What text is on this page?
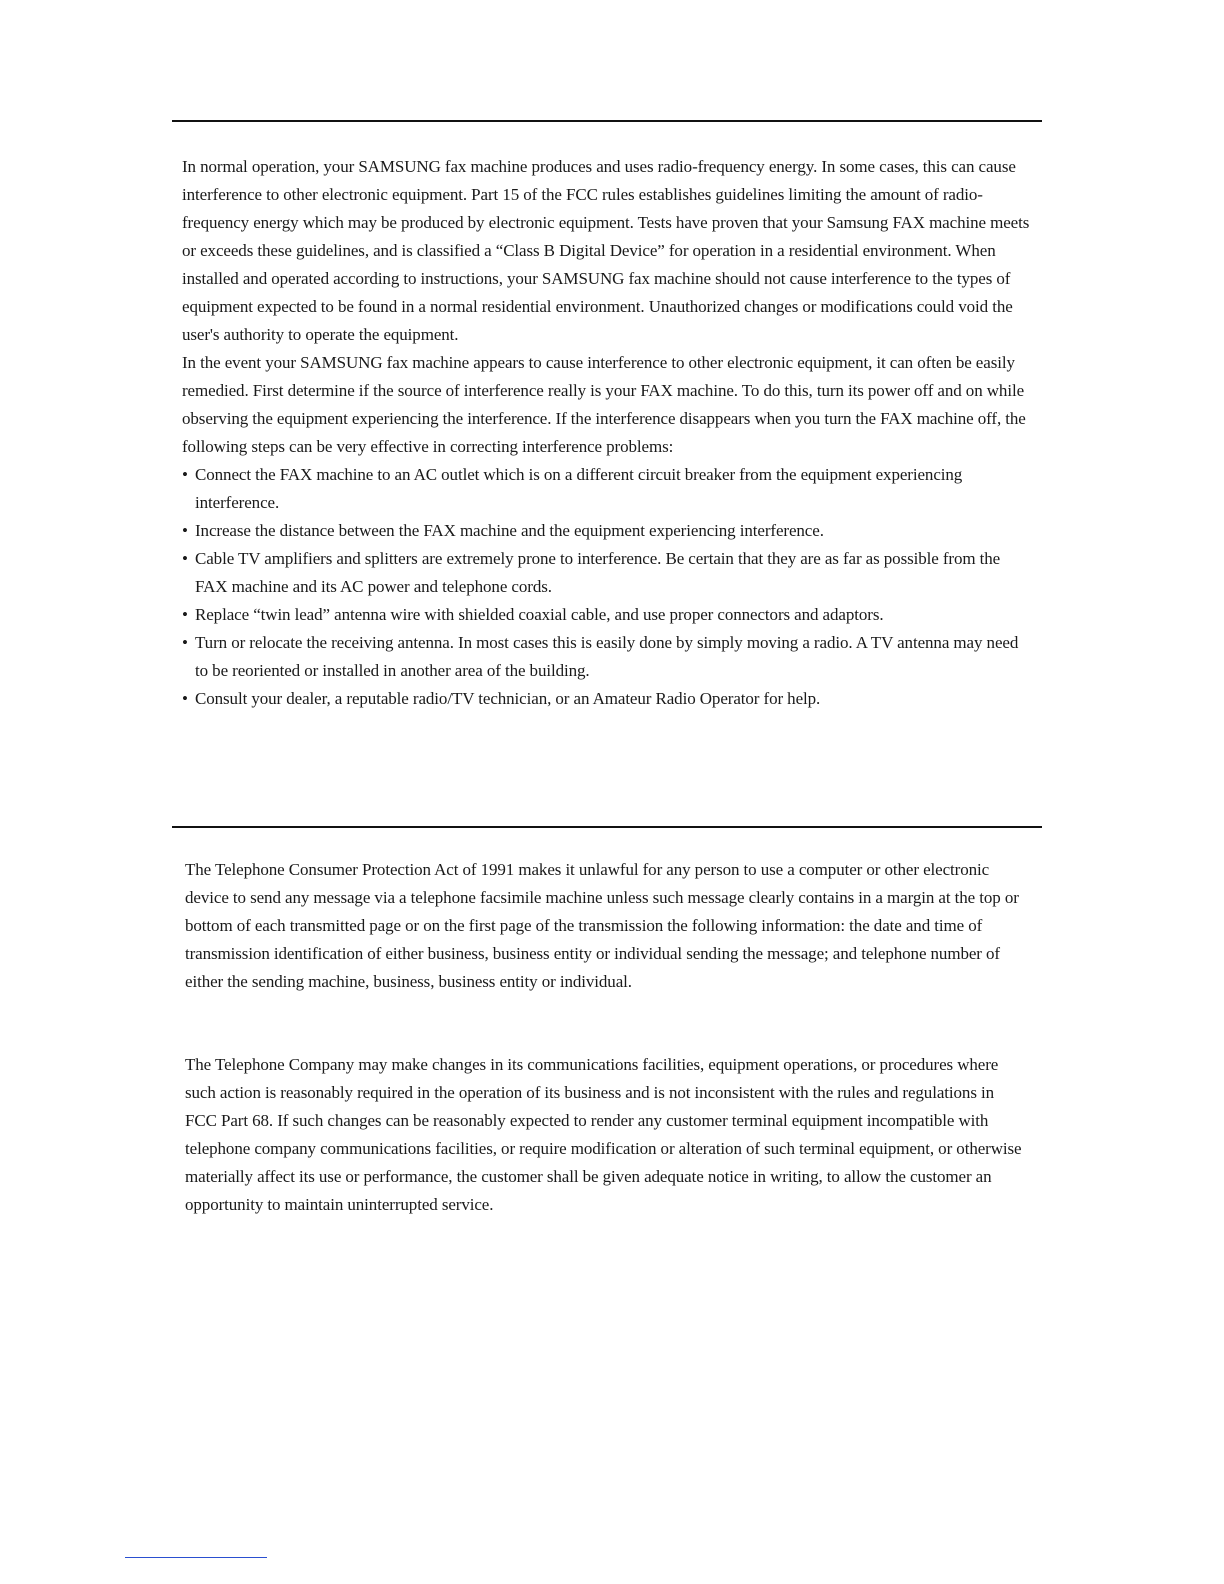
In normal operation, your SAMSUNG fax machine produces and uses radio-frequency energy. In some cases, this can cause interference to other electronic equipment. Part 15 of the FCC rules establishes guidelines limiting the amount of radio-frequency energy which may be produced by electronic equipment. Tests have proven that your Samsung FAX machine meets or exceeds these guidelines, and is classified a “Class B Digital Device” for operation in a residential environment. When installed and operated according to instructions, your SAMSUNG fax machine should not cause interference to the types of equipment expected to be found in a normal residential environment. Unauthorized changes or modifications could void the user's authority to operate the equipment.

In the event your SAMSUNG fax machine appears to cause interference to other electronic equipment, it can often be easily remedied. First determine if the source of interference really is your FAX machine. To do this, turn its power off and on while observing the equipment experiencing the interference. If the interference disappears when you turn the FAX machine off, the following steps can be very effective in correcting interference problems:

• Connect the FAX machine to an AC outlet which is on a different circuit breaker from the equipment experiencing interference.
• Increase the distance between the FAX machine and the equipment experiencing interference.
• Cable TV amplifiers and splitters are extremely prone to interference. Be certain that they are as far as possible from the FAX machine and its AC power and telephone cords.
• Replace “twin lead” antenna wire with shielded coaxial cable, and use proper connectors and adaptors.
• Turn or relocate the receiving antenna. In most cases this is easily done by simply moving a radio. A TV antenna may need to be reoriented or installed in another area of the building.
• Consult your dealer, a reputable radio/TV technician, or an Amateur Radio Operator for help.

The Telephone Consumer Protection Act of 1991 makes it unlawful for any person to use a computer or other electronic device to send any message via a telephone facsimile machine unless such message clearly contains in a margin at the top or bottom of each transmitted page or on the first page of the transmission the following information: the date and time of transmission identification of either business, business entity or individual sending the message; and telephone number of either the sending machine, business, business entity or individual.

The Telephone Company may make changes in its communications facilities, equipment operations, or procedures where such action is reasonably required in the operation of its business and is not inconsistent with the rules and regulations in FCC Part 68. If such changes can be reasonably expected to render any customer terminal equipment incompatible with telephone company communications facilities, or require modification or alteration of such terminal equipment, or otherwise materially affect its use or performance, the customer shall be given adequate notice in writing, to allow the customer an opportunity to maintain uninterrupted service.
